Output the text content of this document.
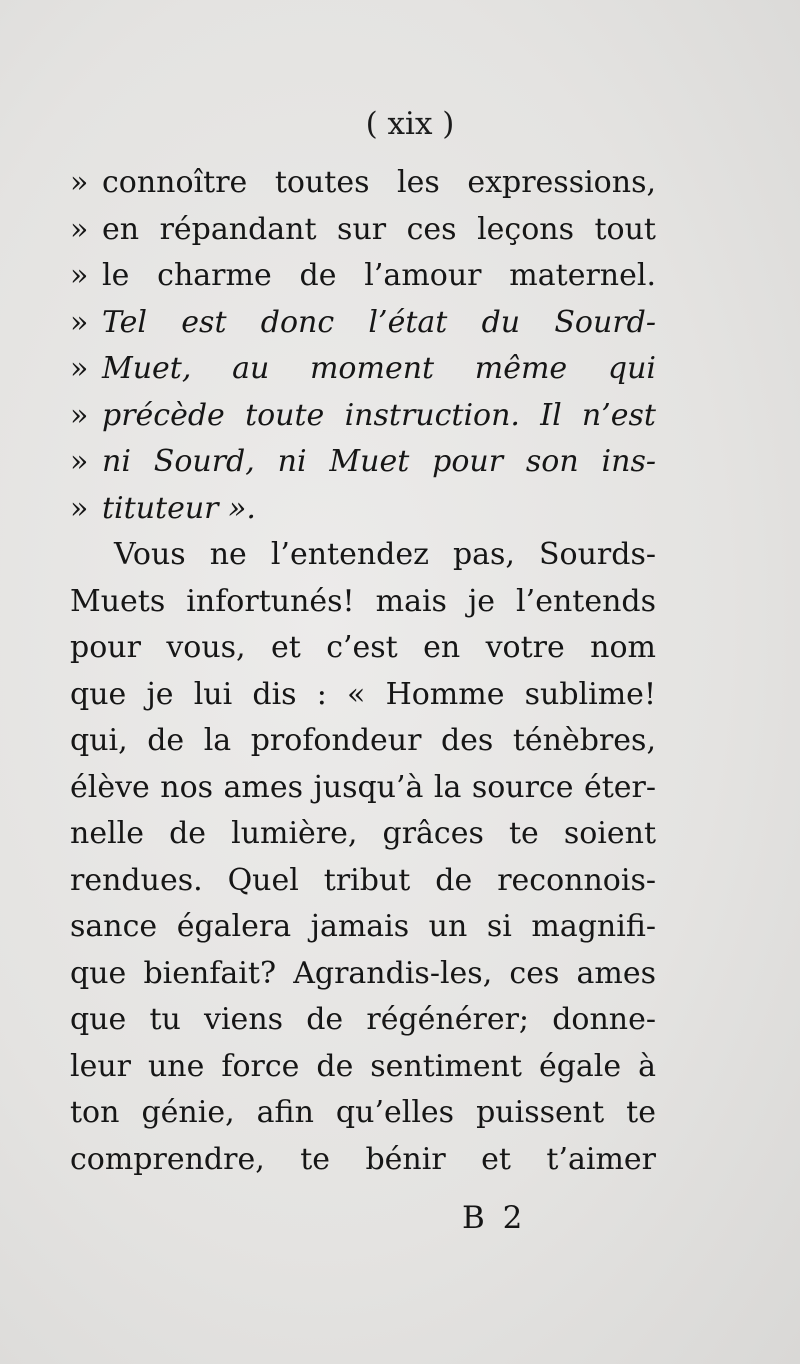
( xix )
» connoître toutes les expressions,
» en répandant sur ces leçons tout
» le charme de l’amour maternel.
» Tel est donc l’état du Sourd-
» Muet, au moment même qui
» précède toute instruction. Il n’est
» ni Sourd, ni Muet pour son ins-
» tituteur ».
Vous ne l’entendez pas, Sourds-
Muets infortunés! mais je l’entends
pour vous, et c’est en votre nom
que je lui dis : « Homme sublime!
qui, de la profondeur des ténèbres,
élève nos ames jusqu’à la source éter-
nelle de lumière, grâces te soient
rendues. Quel tribut de reconnois-
sance égalera jamais un si magnifi-
que bienfait? Agrandis-les, ces ames
que tu viens de régénérer; donne-
leur une force de sentiment égale à
ton génie, afin qu’elles puissent te
comprendre, te bénir et t’aimer
B 2
